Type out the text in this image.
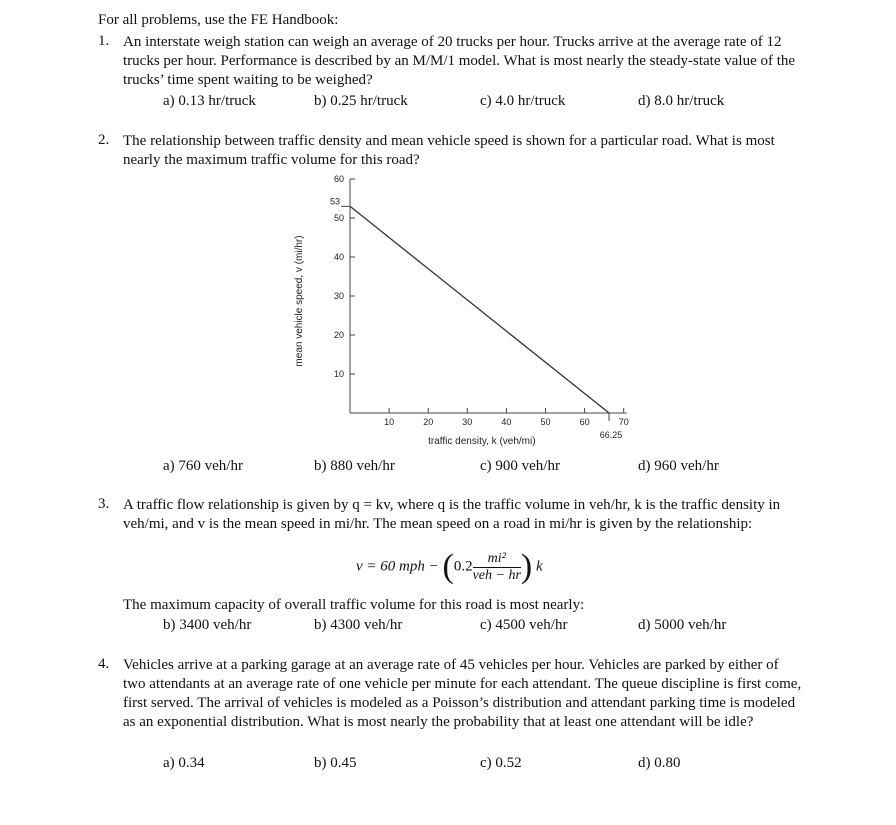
For all problems, use the FE Handbook:
1. An interstate weigh station can weigh an average of 20 trucks per hour. Trucks arrive at the average rate of 12 trucks per hour. Performance is described by an M/M/1 model. What is most nearly the steady-state value of the trucks’ time spent waiting to be weighed?
a) 0.13 hr/truck	b) 0.25 hr/truck	c) 4.0 hr/truck	d) 8.0 hr/truck
2. The relationship between traffic density and mean vehicle speed is shown for a particular road. What is most nearly the maximum traffic volume for this road?
10
20
30
40
50
60
10	20	30	40	50	60	70
53
66.25
traffic density, k (veh/mi)
mean vehicle speed, v (mi/hr)
a) 760 veh/hr	b) 880 veh/hr	c) 900 veh/hr	d) 960 veh/hr
3. A traffic flow relationship is given by q = kv, where q is the traffic volume in veh/hr, k is the traffic density in veh/mi, and v is the mean speed in mi/hr. The mean speed on a road in mi/hr is given by the relationship:
v = 60 mph − ($0.2 \frac{\text{mi²}}{\text{veh − hr}}$ ) k
The maximum capacity of overall traffic volume for this road is most nearly:
b) 3400 veh/hr	b) 4300 veh/hr	c) 4500 veh/hr	d) 5000 veh/hr
4. Vehicles arrive at a parking garage at an average rate of 45 vehicles per hour. Vehicles are parked by either of two attendants at an average rate of one vehicle per minute for each attendant. The queue discipline is first come, first served. The arrival of vehicles is modeled as a Poisson’s distribution and attendant parking time is modeled as an exponential distribution. What is most nearly the probability that at least one attendant will be idle?
a) 0.34	b) 0.45	c) 0.52	d) 0.80
